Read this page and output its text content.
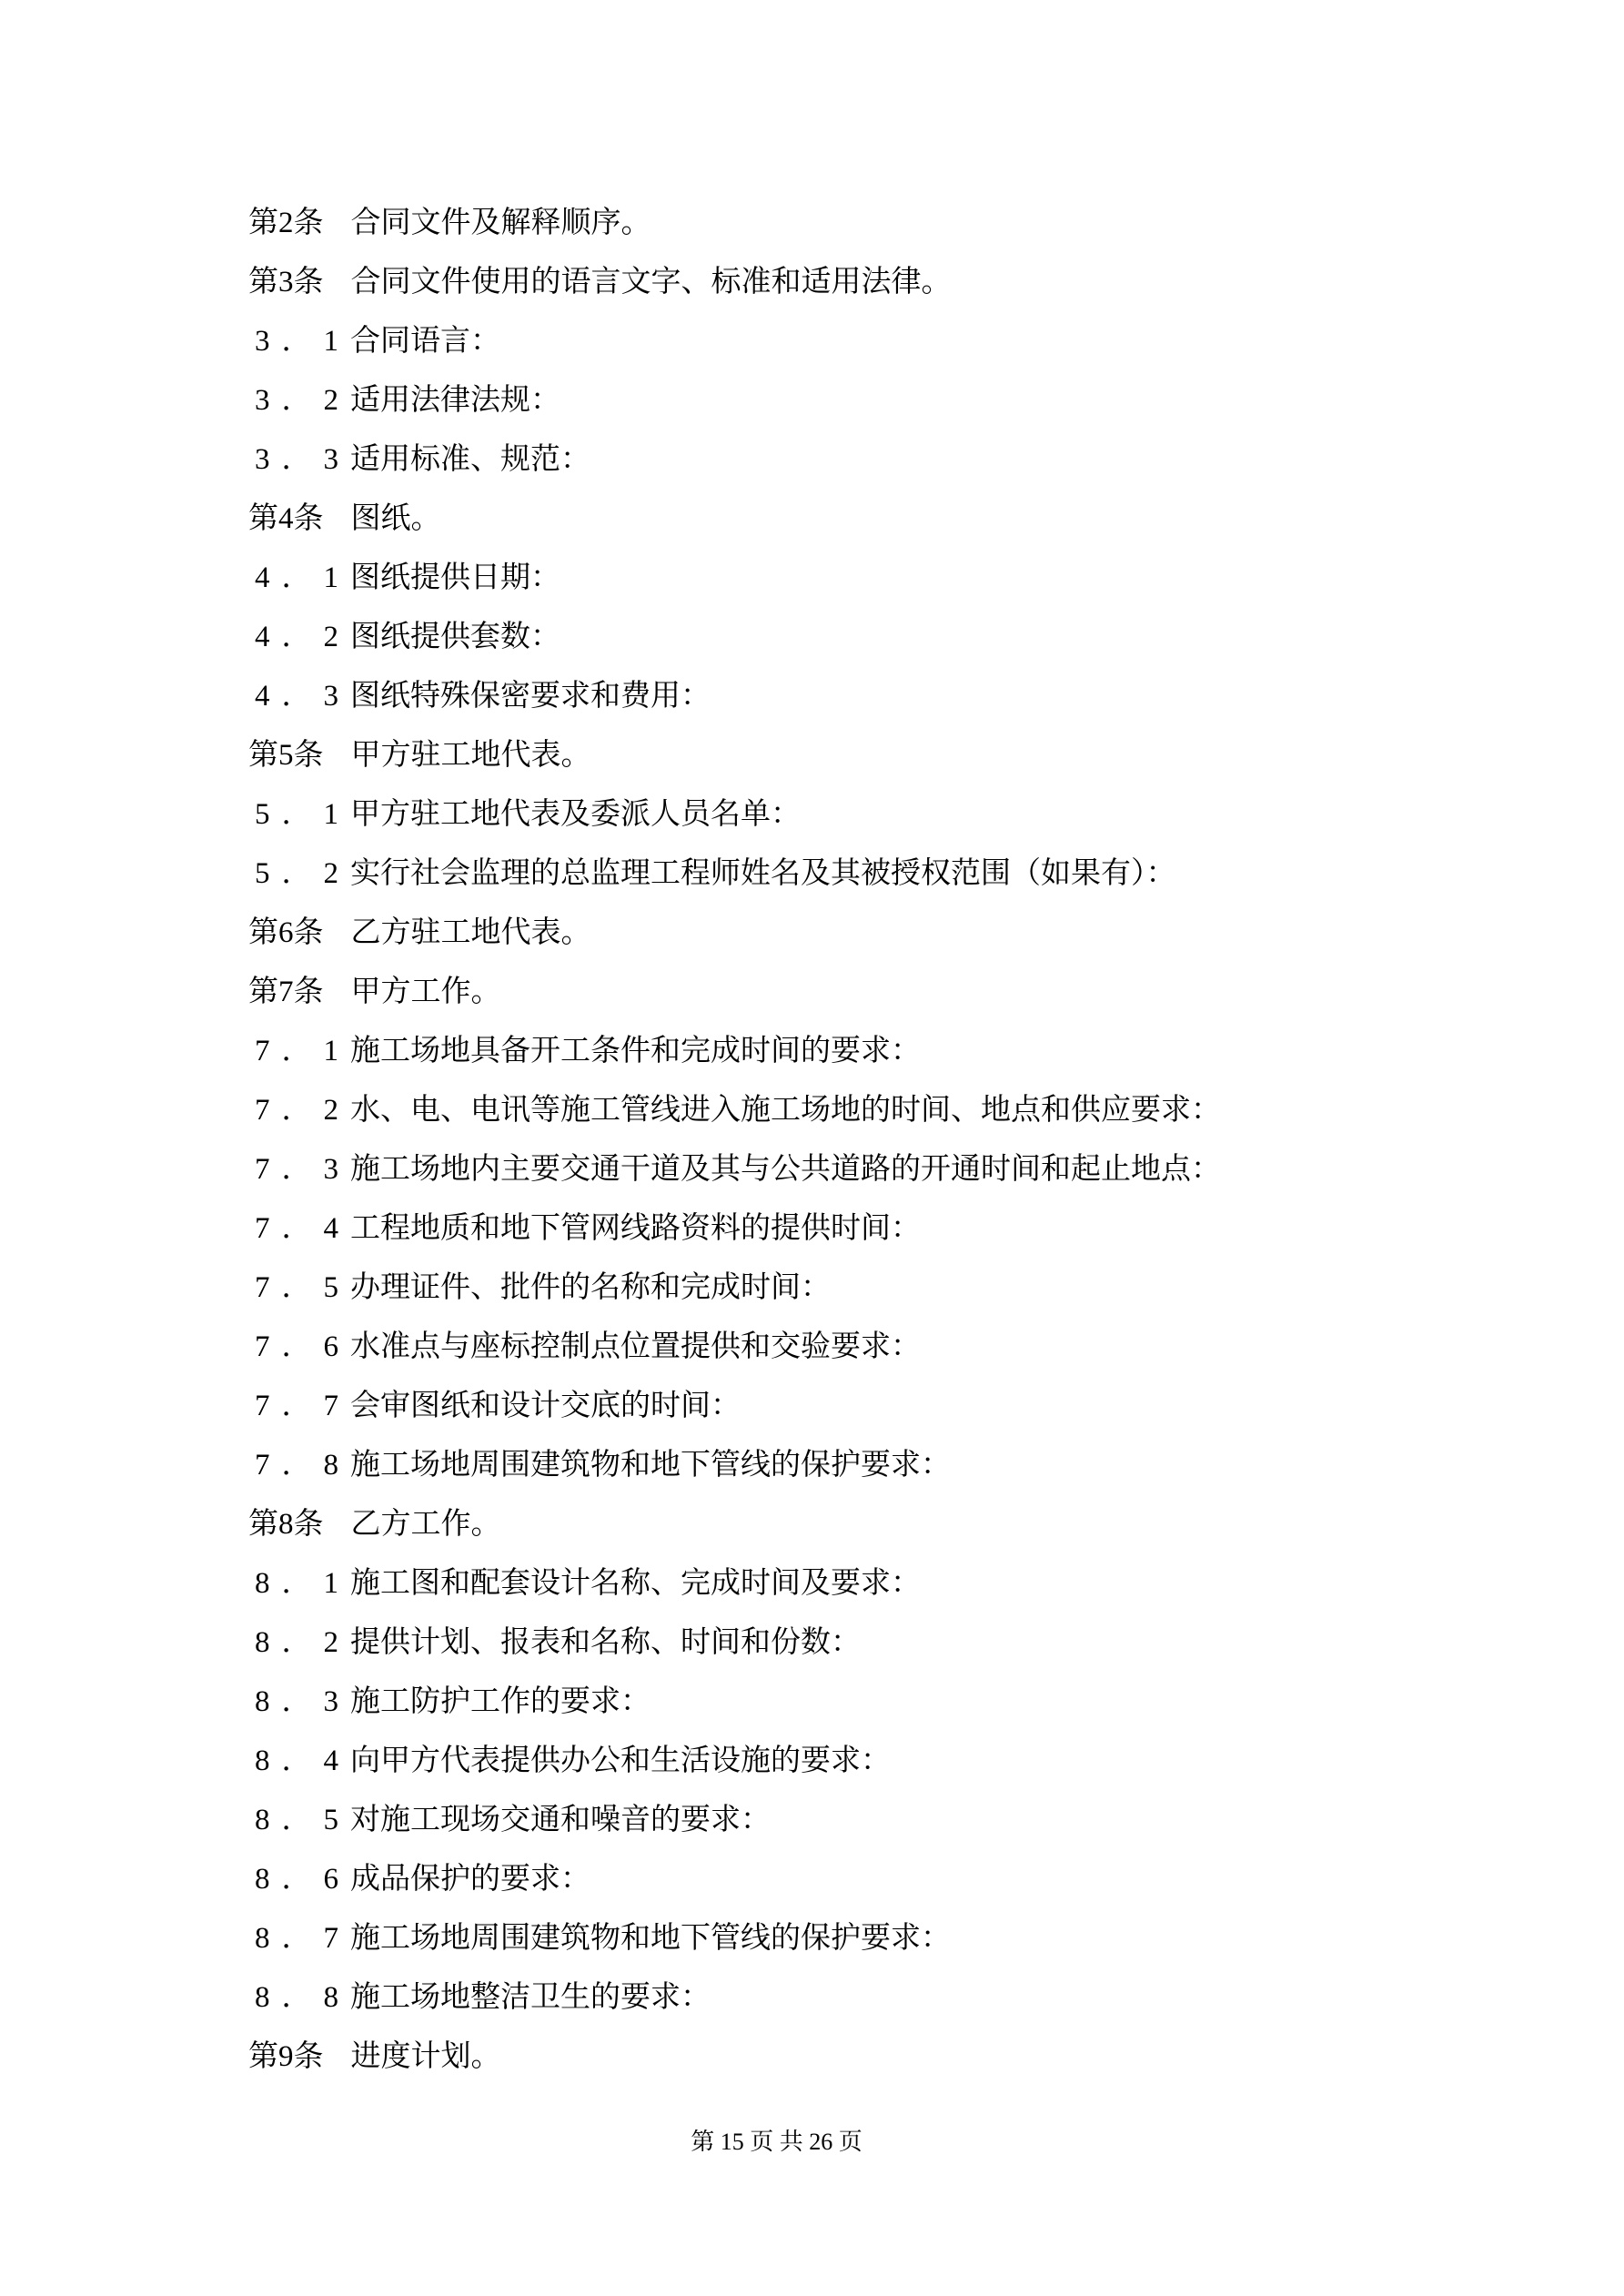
第2条 合同文件及解释顺序。

第3条 合同文件使用的语言文字、标准和适用法律。

3．1合同语言：

3．2适用法律法规：

3．3适用标准、规范：

第4条 图纸。

4．1图纸提供日期：

4．2图纸提供套数：

4．3图纸特殊保密要求和费用：

第5条 甲方驻工地代表。

5．1甲方驻工地代表及委派人员名单：

5．2实行社会监理的总监理工程师姓名及其被授权范围（如果有）：

第6条 乙方驻工地代表。

第7条 甲方工作。

7．1施工场地具备开工条件和完成时间的要求：

7．2水、电、电讯等施工管线进入施工场地的时间、地点和供应要求：

7．3施工场地内主要交通干道及其与公共道路的开通时间和起止地点：

7．4工程地质和地下管网线路资料的提供时间：

7．5办理证件、批件的名称和完成时间：

7．6水准点与座标控制点位置提供和交验要求：

7．7会审图纸和设计交底的时间：

7．8施工场地周围建筑物和地下管线的保护要求：

第8条 乙方工作。

8．1施工图和配套设计名称、完成时间及要求：

8．2提供计划、报表和名称、时间和份数：

8．3施工防护工作的要求：

8．4向甲方代表提供办公和生活设施的要求：

8．5对施工现场交通和噪音的要求：

8．6成品保护的要求：

8．7施工场地周围建筑物和地下管线的保护要求：

8．8施工场地整洁卫生的要求：

第9条 进度计划。

第 15 页 共 26 页
